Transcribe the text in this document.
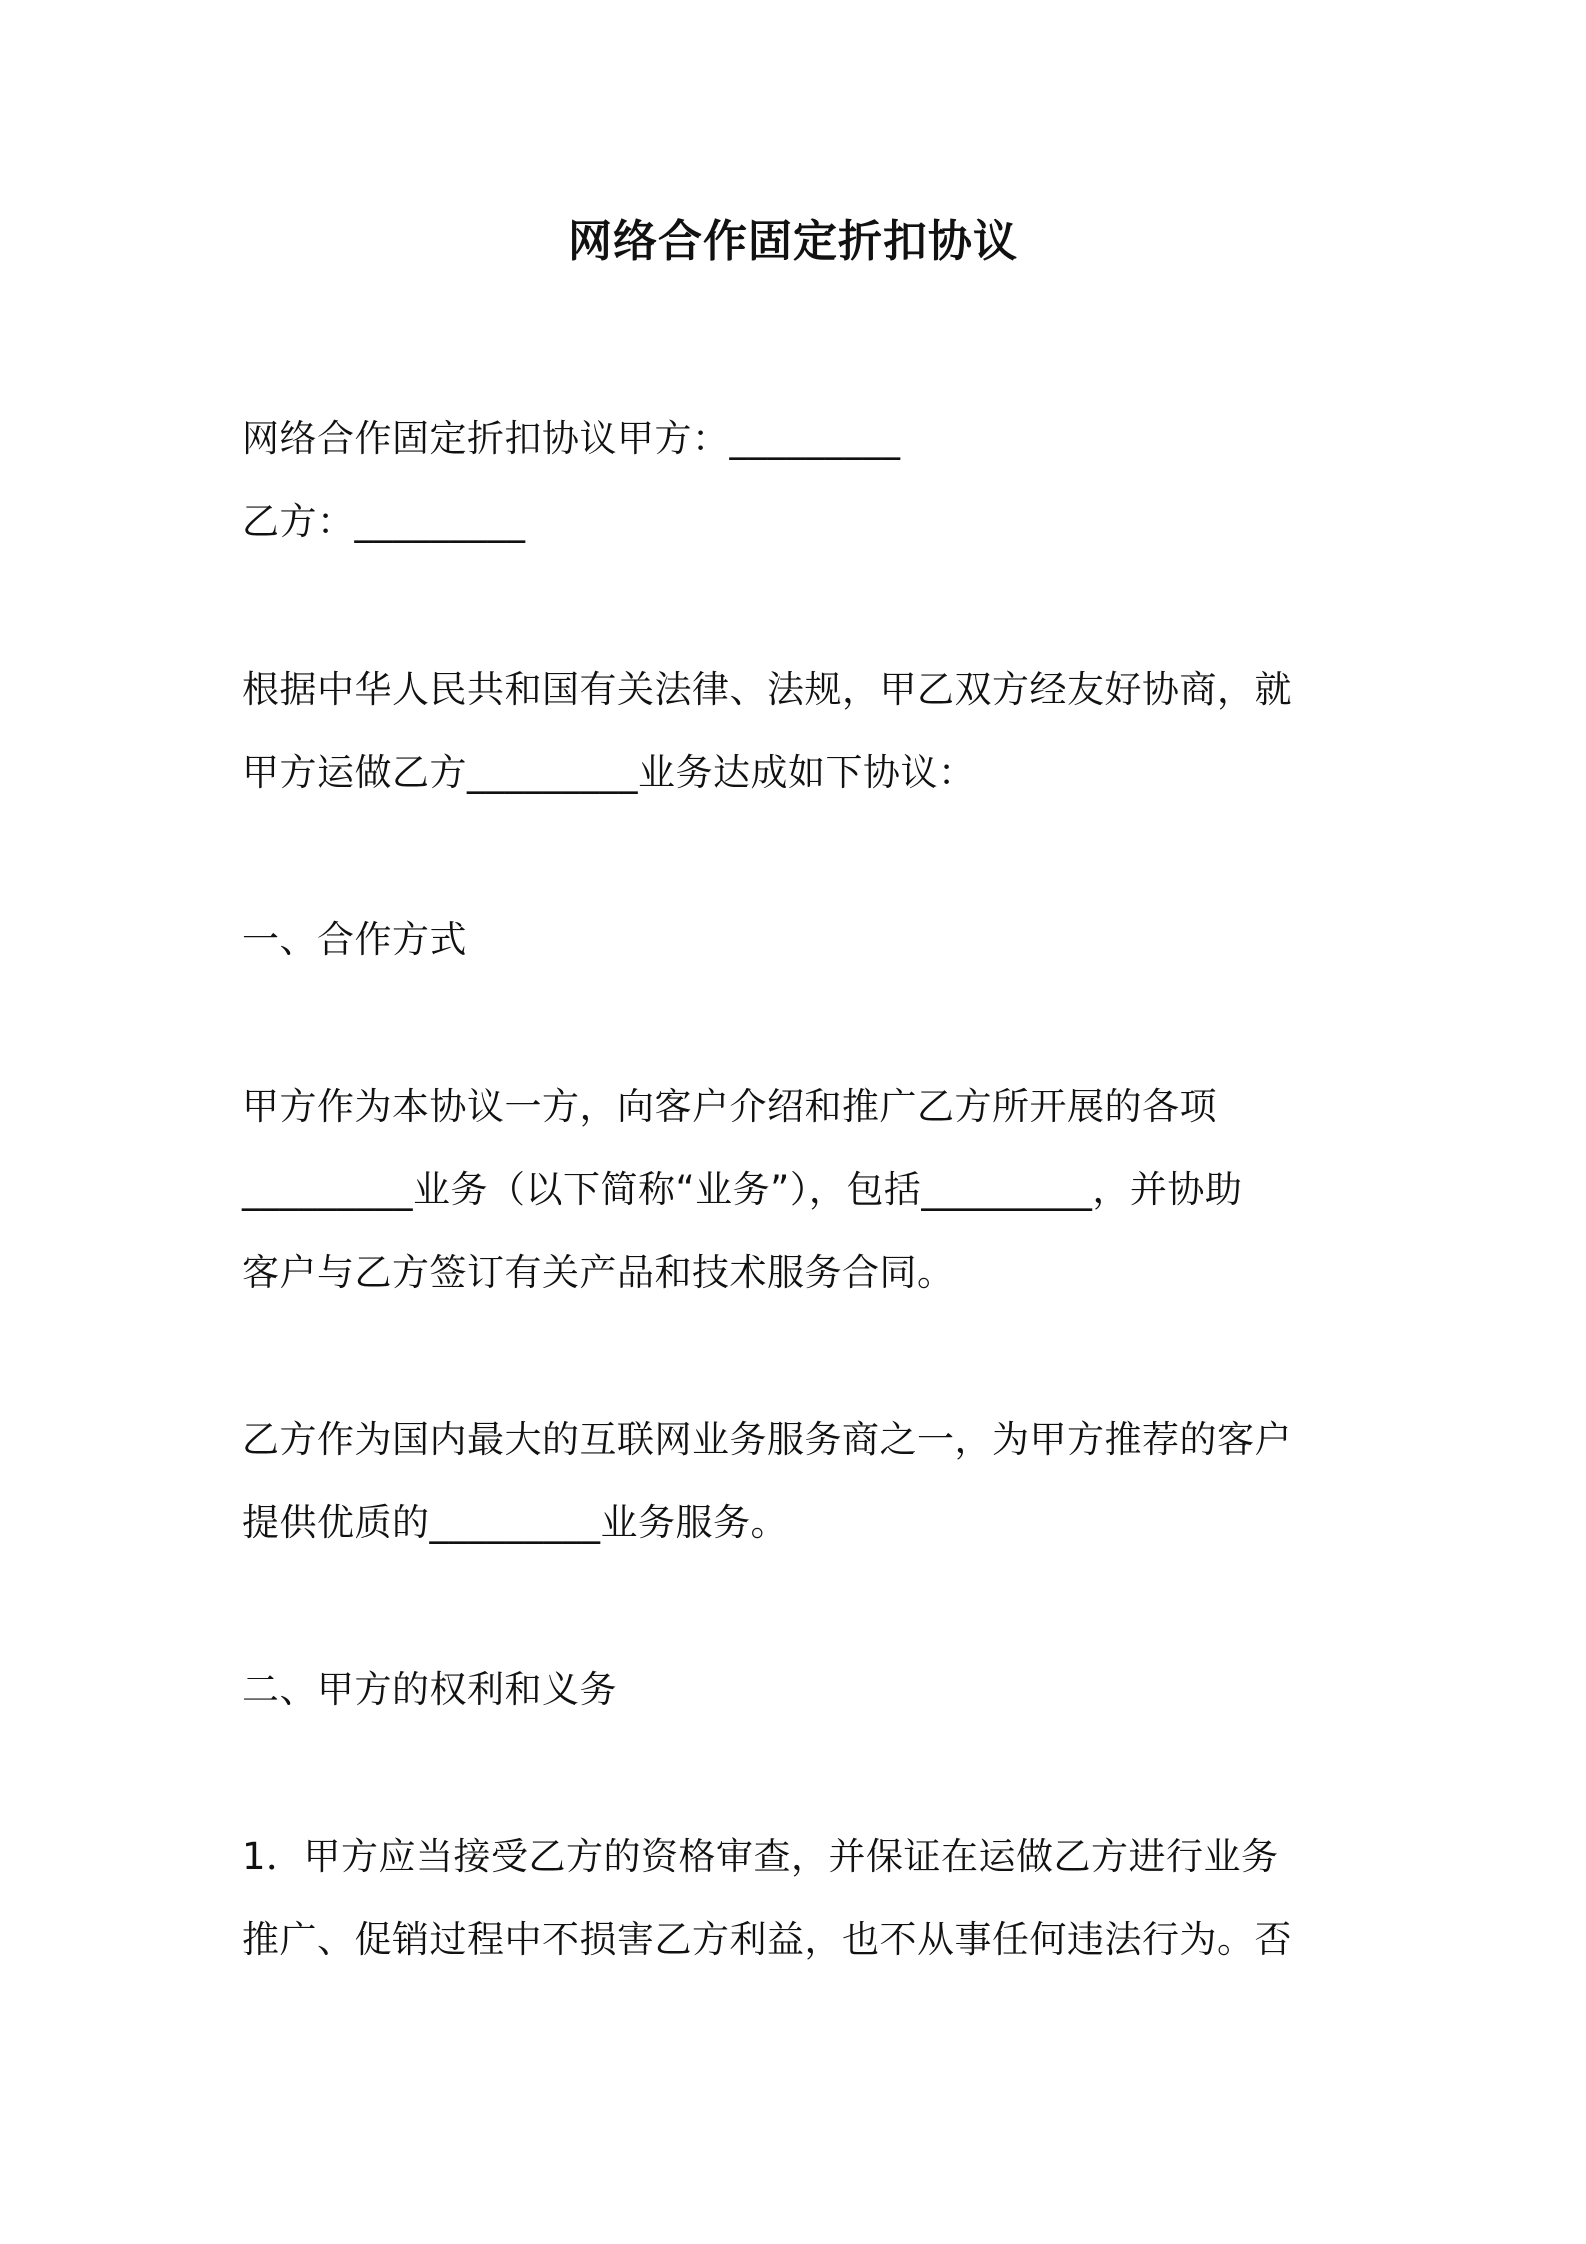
网络合作固定折扣协议
网络合作固定折扣协议甲方：_________
乙方：_________
根据中华人民共和国有关法律、法规，甲乙双方经友好协商，就
甲方运做乙方_________业务达成如下协议：
一、合作方式
甲方作为本协议一方，向客户介绍和推广乙方所开展的各项
_________业务（以下简称“业务”），包括_________，并协助
客户与乙方签订有关产品和技术服务合同。
乙方作为国内最大的互联网业务服务商之一，为甲方推荐的客户
提供优质的_________业务服务。
二、甲方的权利和义务
1．甲方应当接受乙方的资格审查，并保证在运做乙方进行业务
推广、促销过程中不损害乙方利益，也不从事任何违法行为。否
